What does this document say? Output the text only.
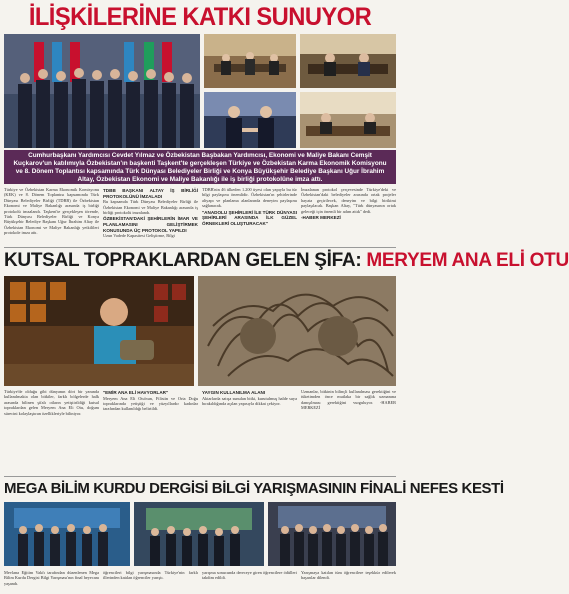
İLİŞKİLERİNE KATKI SUNUYOR
Cumhurbaşkanı Yardımcısı Cevdet Yılmaz ve Özbekistan Başbakan Yardımcısı, Ekonomi ve Maliye Bakanı Cemşit Kuçkarov'un katılımıyla Özbekistan'ın başkenti Taşkent'te gerçekleşen Türkiye ve Özbekistan Karma Ekonomik Komisyonu ve 8. Dönem Toplantısı kapsamında Türk Dünyası Belediyeler Birliği ve Konya Büyükşehir Belediye Başkanı Uğur İbrahim Altay, Özbekistan Ekonomi ve Maliye Bakanlığı ile iş birliği protokolüne imza attı.
Türkiye ve Özbekistan Karma Ekonomik Komisyonu (KEK) ve 8. Dönem Toplantısı kapsamında Türk Dünyası Belediyeler Birliği (TDBB) ile Özbekistan Ekonomi ve Maliye Bakanlığı arasında iş birliği protokolü imzalandı. Taşkent'te gerçekleşen törende, Türk Dünyası Belediyeler Birliği ve Konya Büyükşehir Belediye Başkanı Uğur İbrahim Altay ile Özbekistan Ekonomi ve Maliye Bakanlığı yetkilileri protokole imza attı.
TDBB BAŞKANI ALTAY İŞ BİRLİĞİ PROTOKOLÜNÜ İMZALADI
Bu kapsamda Türk Dünyası Belediyeler Birliği ile Özbekistan Ekonomi ve Maliye Bakanlığı arasında iş birliği protokolü imzalandı.
ÖZBEKİSTAN'DAKİ ŞEHİRLERİN İMAR VE PLANLAMASINI GELİŞTİRMEK KONUSUNDA ÜÇ PROTOKOL YAPILDI
Uzun Vadede Kapasitesi Geliştirme, Bilgi
TDBB'nin 46 ülkeden 1.200 üyesi olan yapıyla bu tür bilgi paylaşımı önemlidir. Özbekistan'ın şehirlerinde altyapı ve planlama alanlarında deneyim paylaşımı sağlanacak.
"ANADOLU ŞEHİRLERİ İLE TÜRK DÜNYASI ŞEHİRLERİ ARASINDA İLK GÜZEL ÖRNEKLERİ OLUŞTURACAK"
İmzalanan protokol çerçevesinde Türkiye'deki ve Özbekistan'daki belediyeler arasında ortak projeler hayata geçirilecek, deneyim ve bilgi birikimi paylaşılacak. Başkan Altay, "Türk dünyasının ortak geleceği için önemli bir adım attık" dedi.
-HABER MERKEZİ
KUTSAL TOPRAKLARDAN GELEN ŞİFA: MERYEM ANA ELİ OTU
Türkiye'de olduğu gibi dünyanın dört bir yanında kullanılmakta olan bitkiler, farklı bölgelerde halk arasında bilinen şifalı otların yetiştirildiği kutsal topraklardan gelen Meryem Ana Eli Otu, doğum sürecini kolaylaştıran özellikleriyle biliniyor.
"EMİR ANA ELİ HAVYORLAR"
Meryem Ana Eli Otu'nun, Filistin ve Orta Doğu topraklarında yetiştiği ve yüzyıllardır kadınlar tarafından kullanıldığı belirtildi.
YAYGIN KULLANILMA ALANI
Aktarlarda satışa sunulan bitki, kurutulmuş halde suya bırakıldığında açılan yapısıyla dikkat çekiyor.
Uzmanlar, bitkinin bilinçli kullanılması gerektiğini ve tüketimden önce mutlaka bir sağlık uzmanına danışılması gerektiğini vurguluyor. -HABER MERKEZİ
MEGA BİLİM KURDU DERGİSİ BİLGİ YARIŞMASININ FİNALİ NEFES KESTİ
Mevlana Eğitim Vakfı tarafından düzenlenen Mega Bilim Kurdu Dergisi Bilgi Yarışması'nın final heyecanı yaşandı.
öğrencileri bilgi yarışmasında Türkiye'nin farklı illerinden katılan öğrenciler yarıştı.
yarışma sonucunda dereceye giren öğrencilere ödülleri takdim edildi.
Yarışmaya katılan tüm öğrencilere teşekkür edilerek başarılar dilendi.
